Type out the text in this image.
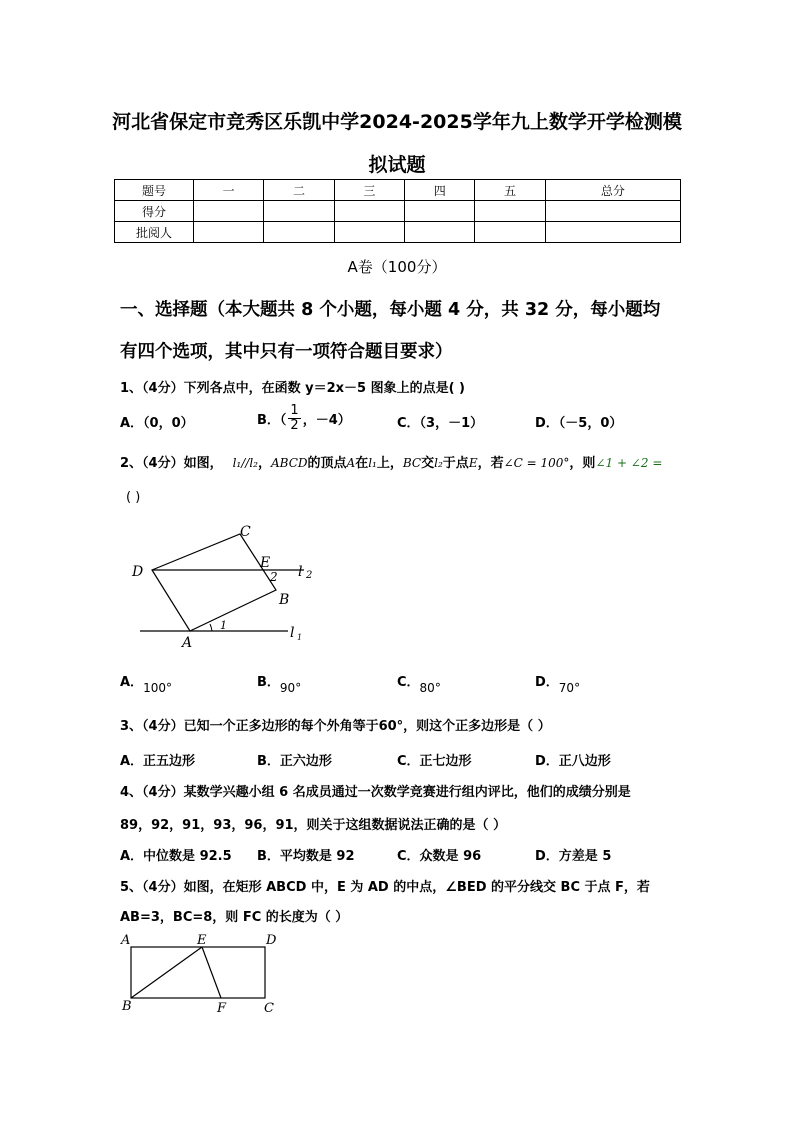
河北省保定市竞秀区乐凯中学2024-2025学年九上数学开学检测模
拟试题
题号	一	二	三	四	五	总分
得分						
批阅人						
A卷（100分）
一、选择题（本大题共 8 个小题，每小题 4 分，共 32 分，每小题均
有四个选项，其中只有一项符合题目要求）
1、（4分）下列各点中，在函数 y＝2x－5 图象上的点是( )
A．（0，0）	B．（ $\frac{1}{2}$ ，－4）	C．（3，－1）	D．（－5，0）
2、（4分）如图， l₁//l₂，ABCD的顶点A在l₁上，BC交l₂于点E，若∠C = 100°，则∠1 + ∠2 =
( )
C
D
E
2
B
A
1	l 1
l 2
A．100°	B．90°	C．80°	D．70°
3、（4分）已知一个正多边形的每个外角等于60°，则这个正多边形是（ ）
A．正五边形	B．正六边形	C．正七边形	D．正八边形
4、（4分）某数学兴趣小组 6 名成员通过一次数学竞赛进行组内评比，他们的成绩分别是
89，92，91，93，96，91，则关于这组数据说法正确的是（ ）
A．中位数是 92.5 B．平均数是 92	C．众数是 96	D．方差是 5
5、（4分）如图，在矩形 ABCD 中，E 为 AD 的中点，∠BED 的平分线交 BC 于点 F，若
AB=3，BC=8，则 FC 的长度为（ ）
A	E	D
B	F	C
